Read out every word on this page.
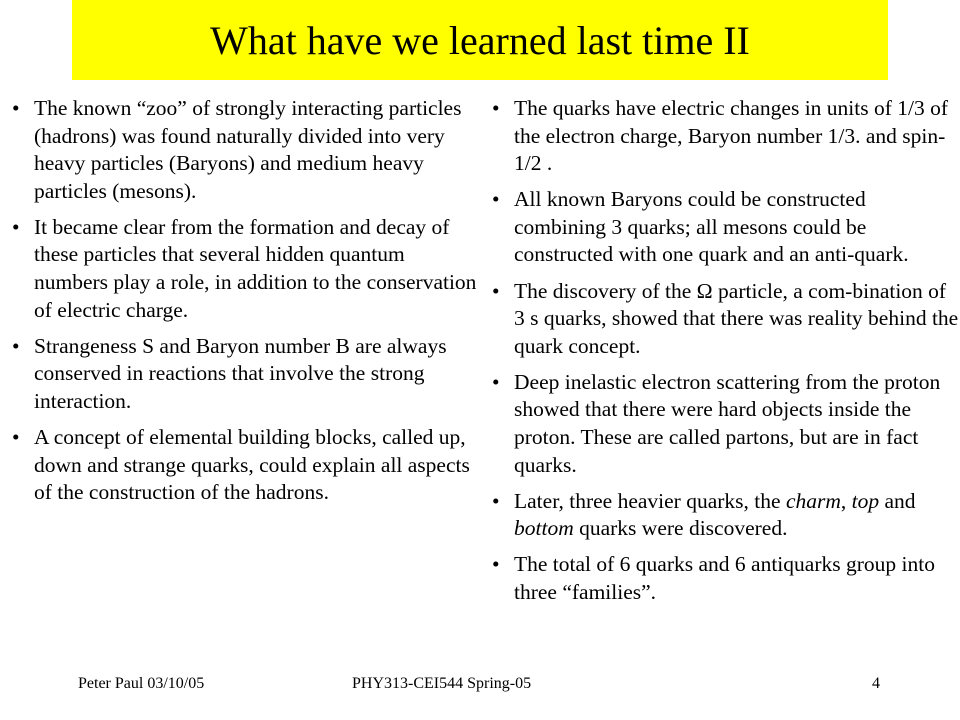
What have we learned last time II
• The known “zoo” of strongly interacting particles (hadrons) was found naturally divided into very heavy particles (Baryons) and medium heavy particles (mesons).
• It became clear from the formation and decay of these particles that several hidden quantum numbers play a role, in addition to the conservation of electric charge.
• Strangeness S and Baryon number B are always conserved in reactions that involve the strong interaction.
• A concept of elemental building blocks, called up, down and strange quarks, could explain all aspects of the construction of the hadrons.
• The quarks have electric changes in units of 1/3 of the electron charge, Baryon number 1/3. and spin-1/2 .
• All known Baryons could be constructed combining 3 quarks; all mesons could be constructed with one quark and an anti-quark.
• The discovery of the Ω particle, a com-bination of 3 s quarks, showed that there was reality behind the quark concept.
• Deep inelastic electron scattering from the proton showed that there were hard objects inside the proton. These are called partons, but are in fact quarks.
• Later, three heavier quarks, the charm, top and bottom quarks were discovered.
• The total of 6 quarks and 6 antiquarks group into three “families”.
Peter Paul 03/10/05	PHY313-CEI544 Spring-05	4
